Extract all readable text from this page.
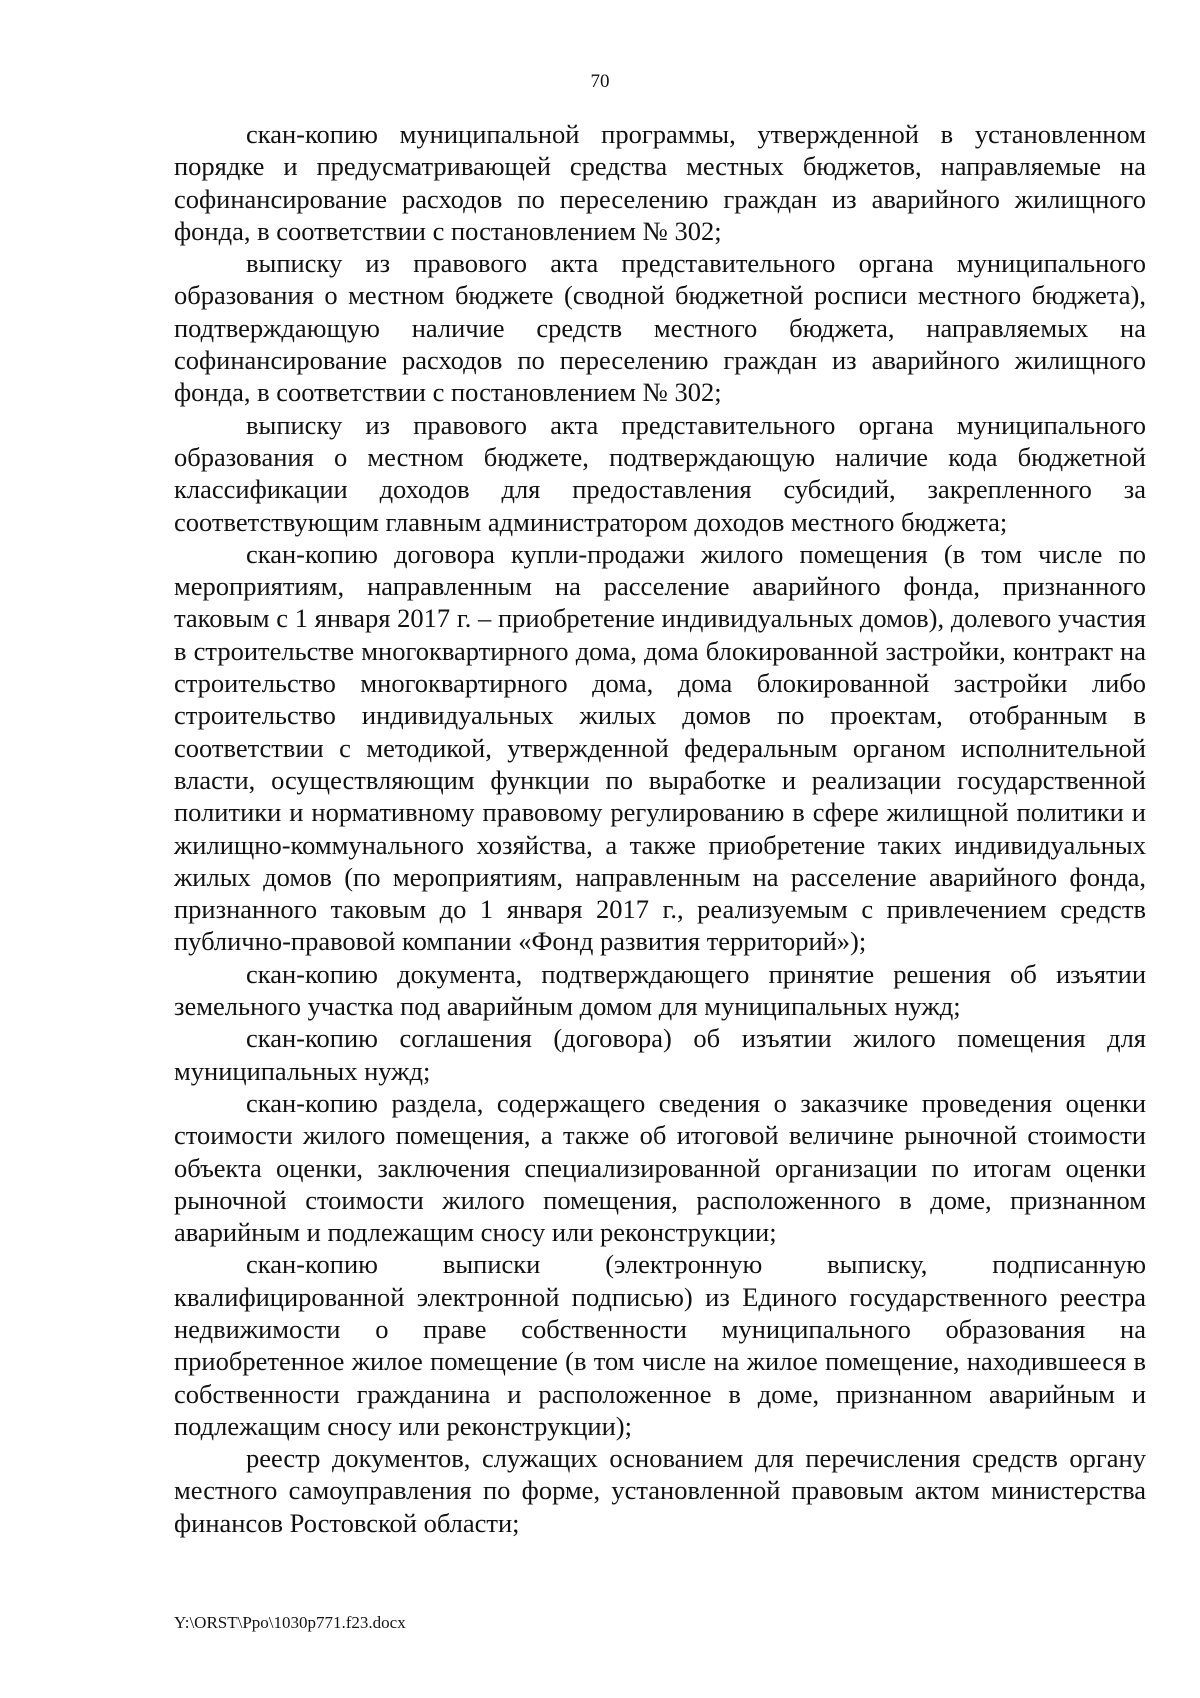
70

скан-копию муниципальной программы, утвержденной в установленном порядке и предусматривающей средства местных бюджетов, направляемые на софинансирование расходов по переселению граждан из аварийного жилищного фонда, в соответствии с постановлением № 302;

выписку из правового акта представительного органа муниципального образования о местном бюджете (сводной бюджетной росписи местного бюджета), подтверждающую наличие средств местного бюджета, направляемых на софинансирование расходов по переселению граждан из аварийного жилищного фонда, в соответствии с постановлением № 302;

выписку из правового акта представительного органа муниципального образования о местном бюджете, подтверждающую наличие кода бюджетной классификации доходов для предоставления субсидий, закрепленного за соответствующим главным администратором доходов местного бюджета;

скан-копию договора купли-продажи жилого помещения (в том числе по мероприятиям, направленным на расселение аварийного фонда, признанного таковым с 1 января 2017 г. – приобретение индивидуальных домов), долевого участия в строительстве многоквартирного дома, дома блокированной застройки, контракт на строительство многоквартирного дома, дома блокированной застройки либо строительство индивидуальных жилых домов по проектам, отобранным в соответствии с методикой, утвержденной федеральным органом исполнительной власти, осуществляющим функции по выработке и реализации государственной политики и нормативному правовому регулированию в сфере жилищной политики и жилищно-коммунального хозяйства, а также приобретение таких индивидуальных жилых домов (по мероприятиям, направленным на расселение аварийного фонда, признанного таковым до 1 января 2017 г., реализуемым с привлечением средств публично-правовой компании «Фонд развития территорий»);

скан-копию документа, подтверждающего принятие решения об изъятии земельного участка под аварийным домом для муниципальных нужд;

скан-копию соглашения (договора) об изъятии жилого помещения для муниципальных нужд;

скан-копию раздела, содержащего сведения о заказчике проведения оценки стоимости жилого помещения, а также об итоговой величине рыночной стоимости объекта оценки, заключения специализированной организации по итогам оценки рыночной стоимости жилого помещения, расположенного в доме, признанном аварийным и подлежащим сносу или реконструкции;

скан-копию выписки (электронную выписку, подписанную квалифицированной электронной подписью) из Единого государственного реестра недвижимости о праве собственности муниципального образования на приобретенное жилое помещение (в том числе на жилое помещение, находившееся в собственности гражданина и расположенное в доме, признанном аварийным и подлежащим сносу или реконструкции);

реестр документов, служащих основанием для перечисления средств органу местного самоуправления по форме, установленной правовым актом министерства финансов Ростовской области;

Y:\ORST\Ppo\1030p771.f23.docx
